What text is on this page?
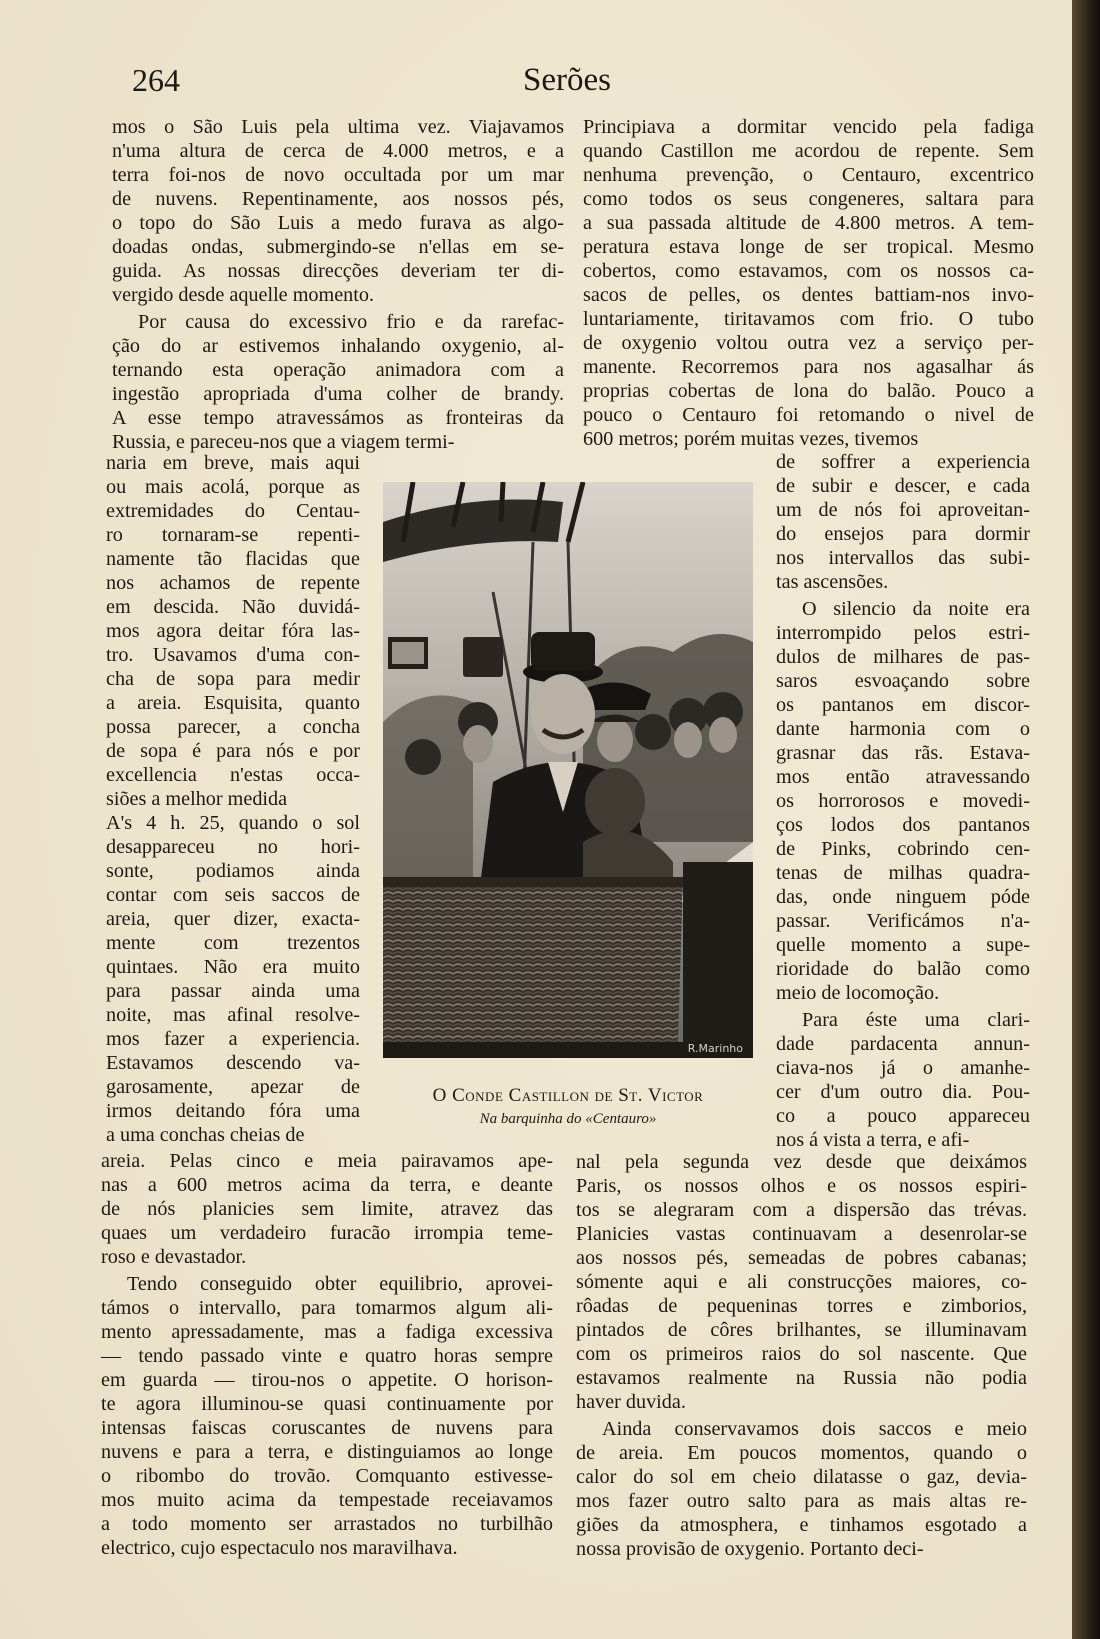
264	Serões
mos o São Luis pela ultima vez. Viajavamos
n'uma altura de cerca de 4.000 metros, e a
terra foi-nos de novo occultada por um mar
de nuvens. Repentinamente, aos nossos pés,
o topo do São Luis a medo furava as algo-
doadas ondas, submergindo-se n'ellas em se-
guida. As nossas direcções deveriam ter di-
vergido desde aquelle momento.
Por causa do excessivo frio e da rarefac-
ção do ar estivemos inhalando oxygenio, al-
ternando esta operação animadora com a
ingestão apropriada d'uma colher de brandy.
A esse tempo atravessámos as fronteiras da
Russia, e pareceu-nos que a viagem termi-
naria em breve, mais aqui
ou mais acolá, porque as
extremidades do Centau-
ro tornaram-se repenti-
namente tão flacidas que
nos achamos de repente
em descida. Não duvidá-
mos agora deitar fóra las-
tro. Usavamos d'uma con-
cha de sopa para medir
a areia. Esquisita, quanto
possa parecer, a concha
de sopa é para nós e por
excellencia n'estas occa-
siões a melhor medida
A's 4 h. 25, quando o sol
desappareceu no hori-
sonte, podiamos ainda
contar com seis saccos de
areia, quer dizer, exacta-
mente com trezentos
quintaes. Não era muito
para passar ainda uma
noite, mas afinal resolve-
mos fazer a experiencia.
Estavamos descendo va-
garosamente, apezar de
irmos deitando fóra uma
a uma conchas cheias de
areia. Pelas cinco e meia pairavamos ape-
nas a 600 metros acima da terra, e deante
de nós planicies sem limite, atravez das
quaes um verdadeiro furacão irrompia teme-
roso e devastador.
Tendo conseguido obter equilibrio, aprovei-
támos o intervallo, para tomarmos algum ali-
mento apressadamente, mas a fadiga excessiva
— tendo passado vinte e quatro horas sempre
em guarda — tirou-nos o appetite. O horison-
te agora illuminou-se quasi continuamente por
intensas faiscas coruscantes de nuvens para
nuvens e para a terra, e distinguiamos ao longe
o ribombo do trovão. Comquanto estivesse-
mos muito acima da tempestade receiavamos
a todo momento ser arrastados no turbilhão
electrico, cujo espectaculo nos maravilhava.
Principiava a dormitar vencido pela fadiga
quando Castillon me acordou de repente. Sem
nenhuma prevenção, o Centauro, excentrico
como todos os seus congeneres, saltara para
a sua passada altitude de 4.800 metros. A tem-
peratura estava longe de ser tropical. Mesmo
cobertos, como estavamos, com os nossos ca-
sacos de pelles, os dentes battiam-nos invo-
luntariamente, tiritavamos com frio. O tubo
de oxygenio voltou outra vez a serviço per-
manente. Recorremos para nos agasalhar ás
proprias cobertas de lona do balão. Pouco a
pouco o Centauro foi retomando o nivel de
600 metros; porém muitas vezes, tivemos
de soffrer a experiencia
de subir e descer, e cada
um de nós foi aproveitan-
do ensejos para dormir
nos intervallos das subi-
tas ascensões.
O silencio da noite era
interrompido pelos estri-
dulos de milhares de pas-
saros esvoaçando sobre
os pantanos em discor-
dante harmonia com o
grasnar das rãs. Estava-
mos então atravessando
os horrorosos e movedi-
ços lodos dos pantanos
de Pinks, cobrindo cen-
tenas de milhas quadra-
das, onde ninguem póde
passar. Verificámos n'a-
quelle momento a supe-
rioridade do balão como
meio de locomoção.
Para éste uma clari-
dade pardacenta annun-
ciava-nos já o amanhe-
cer d'um outro dia. Pou-
co a pouco appareceu
nos á vista a terra, e afi-
nal pela segunda vez desde que deixámos
Paris, os nossos olhos e os nossos espiri-
tos se alegraram com a dispersão das trévas.
Planicies vastas continuavam a desenrolar-se
aos nossos pés, semeadas de pobres cabanas;
sómente aqui e ali construcções maiores, co-
rôadas de pequeninas torres e zimborios,
pintados de côres brilhantes, se illuminavam
com os primeiros raios do sol nascente. Que
estavamos realmente na Russia não podia
haver duvida.
Ainda conservavamos dois saccos e meio
de areia. Em poucos momentos, quando o
calor do sol em cheio dilatasse o gaz, devia-
mos fazer outro salto para as mais altas re-
giões da atmosphera, e tinhamos esgotado a
nossa provisão de oxygenio. Portanto deci-
R.Marinho
O Conde Castillon de St. Victor
Na barquinha do «Centauro»
